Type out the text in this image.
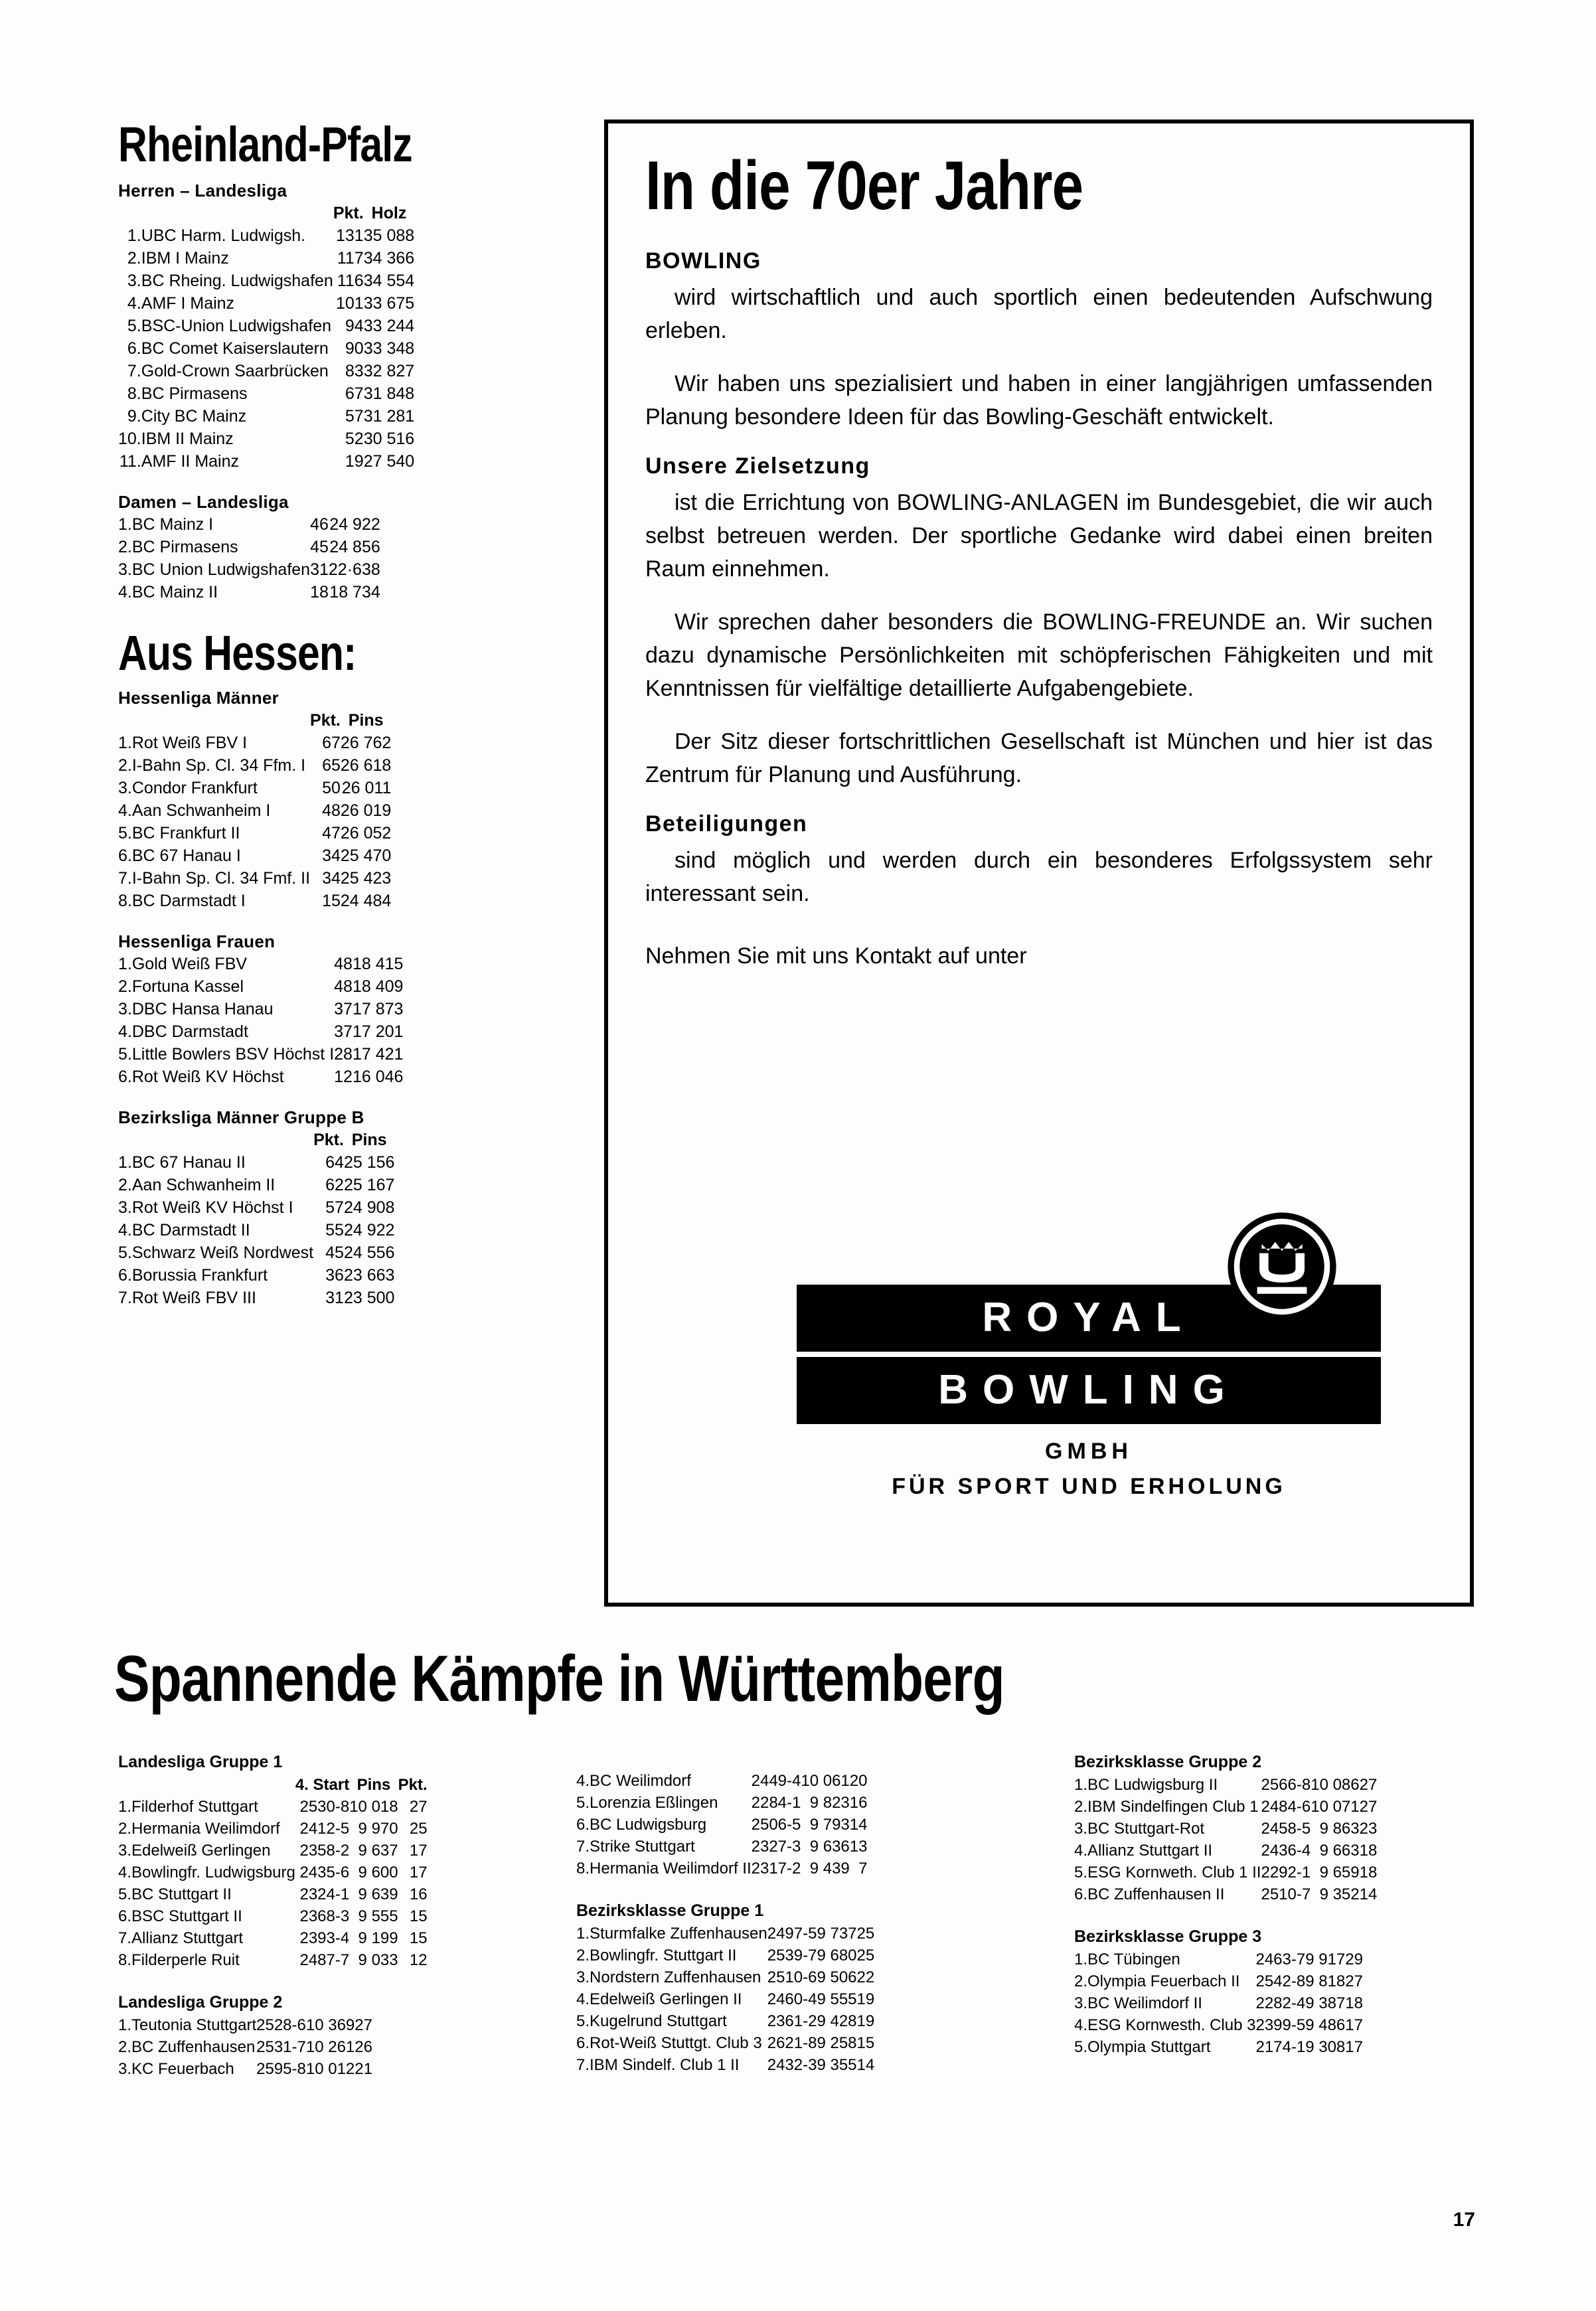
Rheinland-Pfalz
Herren – Landesliga
		Pkt.	Holz
1.	UBC Harm. Ludwigsh.	131	35 088
2.	IBM I Mainz	117	34 366
3.	BC Rheing. Ludwigshafen	116	34 554
4.	AMF I Mainz	101	33 675
5.	BSC-Union Ludwigshafen	94	33 244
6.	BC Comet Kaiserslautern	90	33 348
7.	Gold-Crown Saarbrücken	83	32 827
8.	BC Pirmasens	67	31 848
9.	City BC Mainz	57	31 281
10.	IBM II Mainz	52	30 516
11.	AMF II Mainz	19	27 540
Damen – Landesliga
1.	BC Mainz I	46	24 922
2.	BC Pirmasens	45	24 856
3.	BC Union Ludwigshafen	31	22·638
4.	BC Mainz II	18	18 734
Aus Hessen:
Hessenliga Männer
		Pkt.	Pins
1.	Rot Weiß FBV I	67	26 762
2.	I-Bahn Sp. Cl. 34 Ffm. I	65	26 618
3.	Condor Frankfurt	50	26 011
4.	Aan Schwanheim I	48	26 019
5.	BC Frankfurt II	47	26 052
6.	BC 67 Hanau I	34	25 470
7.	I-Bahn Sp. Cl. 34 Fmf. II	34	25 423
8.	BC Darmstadt I	15	24 484
Hessenliga Frauen
1.	Gold Weiß FBV	48	18 415
2.	Fortuna Kassel	48	18 409
3.	DBC Hansa Hanau	37	17 873
4.	DBC Darmstadt	37	17 201
5.	Little Bowlers BSV Höchst I	28	17 421
6.	Rot Weiß KV Höchst	12	16 046
Bezirksliga Männer Gruppe B
		Pkt.	Pins
1.	BC 67 Hanau II	64	25 156
2.	Aan Schwanheim II	62	25 167
3.	Rot Weiß KV Höchst I	57	24 908
4.	BC Darmstadt II	55	24 922
5.	Schwarz Weiß Nordwest	45	24 556
6.	Borussia Frankfurt	36	23 663
7.	Rot Weiß FBV III	31	23 500
In die 70er Jahre
BOWLING
wird wirtschaftlich und auch sportlich einen bedeutenden Aufschwung erleben.
Wir haben uns spezialisiert und haben in einer langjährigen umfassenden Planung besondere Ideen für das Bowling-Geschäft entwickelt.
Unsere Zielsetzung
ist die Errichtung von BOWLING-ANLAGEN im Bundesgebiet, die wir auch selbst betreuen werden. Der sportliche Gedanke wird dabei einen breiten Raum einnehmen.
Wir sprechen daher besonders die BOWLING-FREUNDE an. Wir suchen dazu dynamische Persönlichkeiten mit schöpferischen Fähigkeiten und mit Kenntnissen für vielfältige detaillierte Aufgabengebiete.
Der Sitz dieser fortschrittlichen Gesellschaft ist München und hier ist das Zentrum für Planung und Ausführung.
Beteiligungen
sind möglich und werden durch ein besonderes Erfolgssystem sehr interessant sein.
Nehmen Sie mit uns Kontakt auf unter
ROYAL
BOWLING
GMBH
FÜR SPORT UND ERHOLUNG
Spannende Kämpfe in Württemberg
Landesliga Gruppe 1
		4. Start	Pins	Pkt.
1.	Filderhof Stuttgart	2530-8	10 018	27
2.	Hermania Weilimdorf	2412-5	9 970	25
3.	Edelweiß Gerlingen	2358-2	9 637	17
4.	Bowlingfr. Ludwigsburg	2435-6	9 600	17
5.	BC Stuttgart II	2324-1	9 639	16
6.	BSC Stuttgart II	2368-3	9 555	15
7.	Allianz Stuttgart	2393-4	9 199	15
8.	Filderperle Ruit	2487-7	9 033	12
Landesliga Gruppe 2
1.	Teutonia Stuttgart	2528-6	10 369	27
2.	BC Zuffenhausen	2531-7	10 261	26
3.	KC Feuerbach	2595-8	10 012	21
4.	BC Weilimdorf	2449-4	10 061	20
5.	Lorenzia Eßlingen	2284-1	9 823	16
6.	BC Ludwigsburg	2506-5	9 793	14
7.	Strike Stuttgart	2327-3	9 636	13
8.	Hermania Weilimdorf II	2317-2	9 439	7
Bezirksklasse Gruppe 1
1.	Sturmfalke Zuffenhausen	2497-5	9 737	25
2.	Bowlingfr. Stuttgart II	2539-7	9 680	25
3.	Nordstern Zuffenhausen	2510-6	9 506	22
4.	Edelweiß Gerlingen II	2460-4	9 555	19
5.	Kugelrund Stuttgart	2361-2	9 428	19
6.	Rot-Weiß Stuttgt. Club 3	2621-8	9 258	15
7.	IBM Sindelf. Club 1 II	2432-3	9 355	14
Bezirksklasse Gruppe 2
1.	BC Ludwigsburg II	2566-8	10 086	27
2.	IBM Sindelfingen Club 1	2484-6	10 071	27
3.	BC Stuttgart-Rot	2458-5	9 863	23
4.	Allianz Stuttgart II	2436-4	9 663	18
5.	ESG Kornweth. Club 1 II	2292-1	9 659	18
6.	BC Zuffenhausen II	2510-7	9 352	14
Bezirksklasse Gruppe 3
1.	BC Tübingen	2463-7	9 917	29
2.	Olympia Feuerbach II	2542-8	9 818	27
3.	BC Weilimdorf II	2282-4	9 387	18
4.	ESG Kornwesth. Club 3	2399-5	9 486	17
5.	Olympia Stuttgart	2174-1	9 308	17
17
